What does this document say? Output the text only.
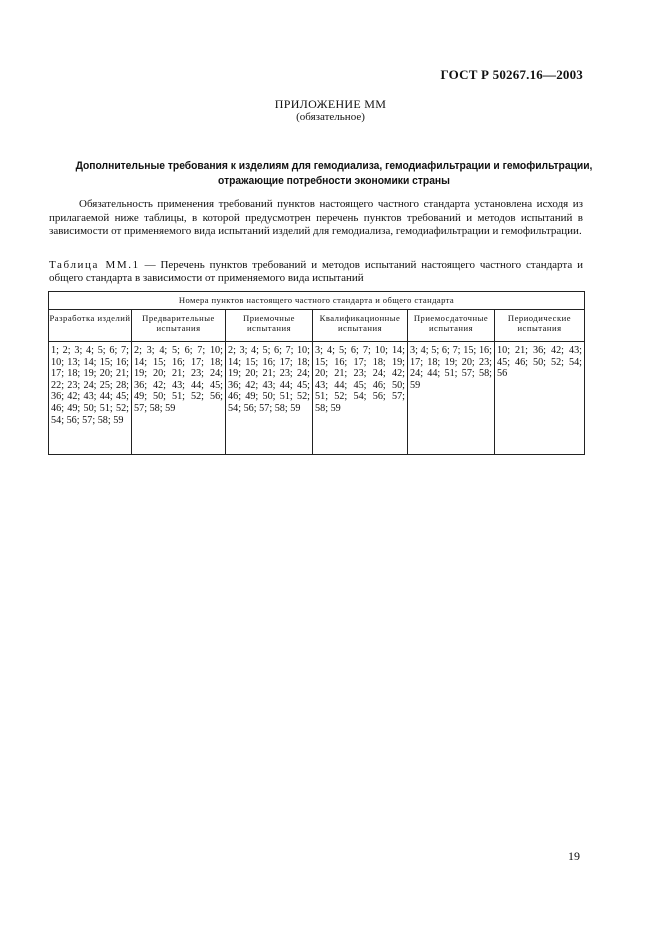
ГОСТ Р 50267.16—2003
ПРИЛОЖЕНИЕ ММ
(обязательное)
Дополнительные требования к изделиям для гемодиализа, гемодиафильтрации и гемофильтрации,
отражающие потребности экономики страны
Обязательность применения требований пунктов настоящего частного стандарта установлена исходя из прилагаемой ниже таблицы, в которой предусмотрен перечень пунктов требований и методов испытаний в зависимости от применяемого вида испытаний изделий для гемодиализа, гемодиафильтрации и гемофильтрации.
Таблица ММ.1 — Перечень пунктов требований и методов испытаний настоящего частного стандарта и общего стандарта в зависимости от применяемого вида испытаний
Номера пунктов настоящего частного стандарта и общего стандарта					
Разработка изделий	Предварительные испытания	Приемочные испытания	Квалификационные испытания	Приемосдаточные испытания	Периодические испытания
1; 2; 3; 4; 5; 6; 7; 10; 13; 14; 15; 16; 17; 18; 19; 20; 21; 22; 23; 24; 25; 28; 36; 42; 43; 44; 45; 46; 49; 50; 51; 52; 54; 56; 57; 58; 59	2; 3; 4; 5; 6; 7; 10; 14; 15; 16; 17; 18; 19; 20; 21; 23; 24; 36; 42; 43; 44; 45; 49; 50; 51; 52; 56; 57; 58; 59	2; 3; 4; 5; 6; 7; 10; 14; 15; 16; 17; 18; 19; 20; 21; 23; 24; 36; 42; 43; 44; 45; 46; 49; 50; 51; 52; 54; 56; 57; 58; 59	3; 4; 5; 6; 7; 10; 14; 15; 16; 17; 18; 19; 20; 21; 23; 24; 42; 43; 44; 45; 46; 50; 51; 52; 54; 56; 57; 58; 59	3; 4; 5; 6; 7; 15; 16; 17; 18; 19; 20; 23; 24; 44; 51; 57; 58; 59	10; 21; 36; 42; 43; 45; 46; 50; 52; 54; 56
19
